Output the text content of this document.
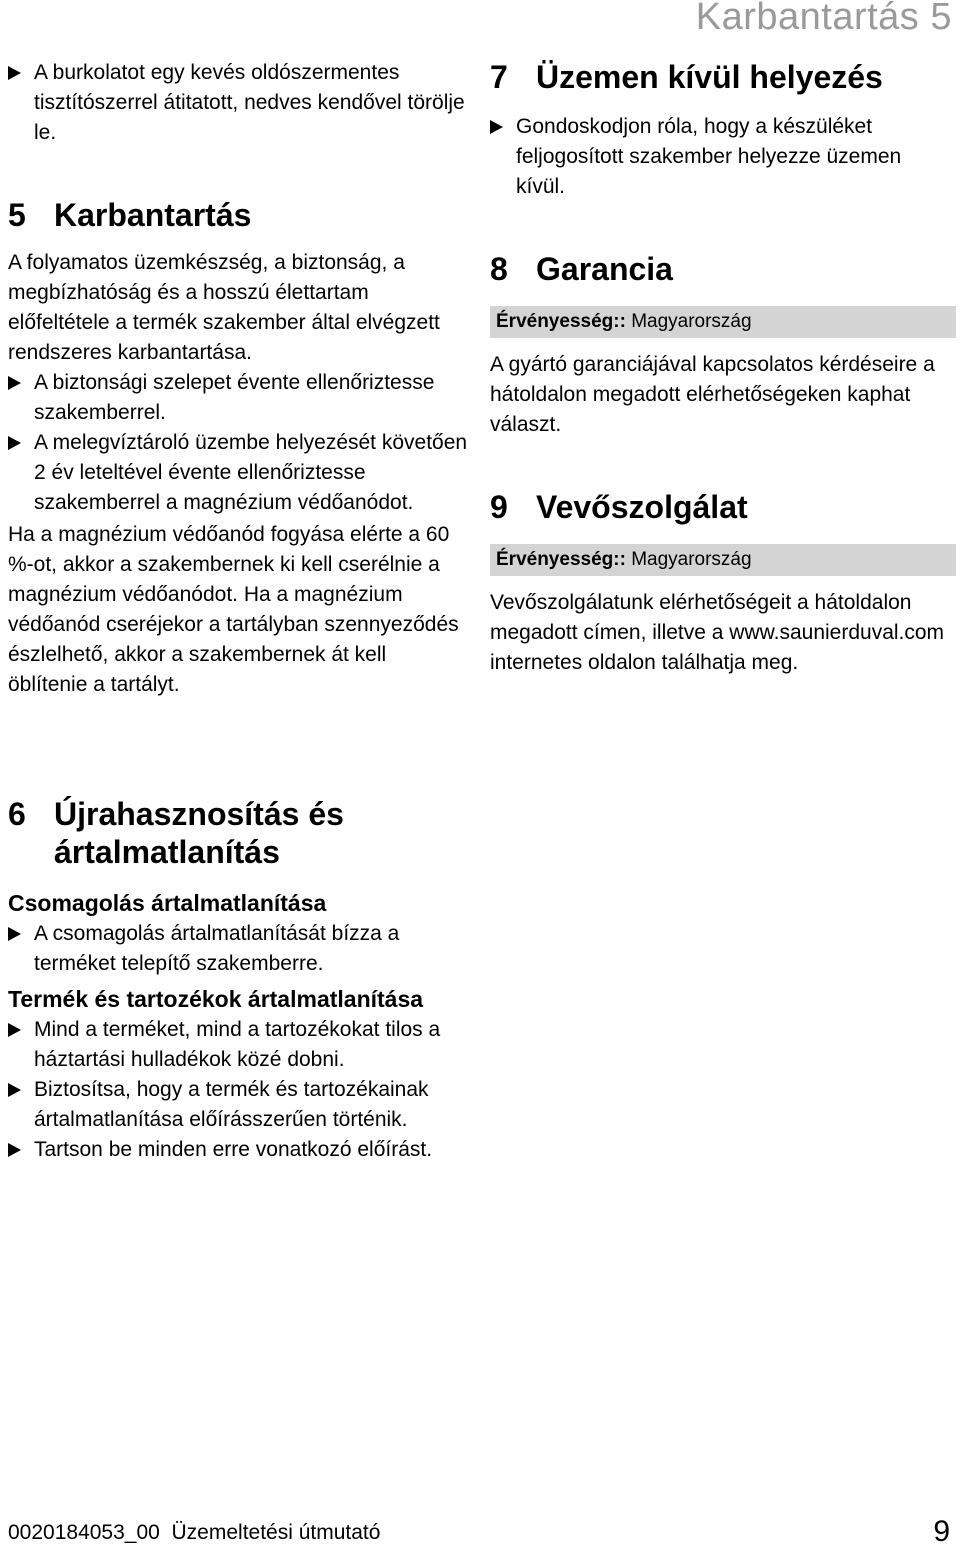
Karbantartás 5

A burkolatot egy kevés oldószermentes tisztítószerrel átitatott, nedves kendővel törölje le.

5 Karbantartás

A folyamatos üzemkészség, a biztonság, a megbízhatóság és a hosszú élettartam előfeltétele a termék szakember által elvégzett rendszeres karbantartása.

A biztonsági szelepet évente ellenőriztesse szakemberrel.

A melegvíztároló üzembe helyezését követően 2 év leteltével évente ellenőriztesse szakemberrel a magnézium védőanódot.

Ha a magnézium védőanód fogyása elérte a 60 %-ot, akkor a szakembernek ki kell cserélnie a magnézium védőanódot. Ha a magnézium védőanód cseréjekor a tartályban szennyeződés észlelhető, akkor a szakembernek át kell öblítenie a tartályt.

6 Újrahasznosítás és ártalmatlanítás
Csomagolás ártalmatlanítása

A csomagolás ártalmatlanítását bízza a terméket telepítő szakemberre.

Termék és tartozékok ártalmatlanítása

Mind a terméket, mind a tartozékokat tilos a háztartási hulladékok közé dobni.

Biztosítsa, hogy a termék és tartozékainak ártalmatlanítása előírásszerűen történik.

Tartson be minden erre vonatkozó előírást.

7 Üzemen kívül helyezés

Gondoskodjon róla, hogy a készüléket feljogosított szakember helyezze üzemen kívül.

8 Garancia

Érvényesség:: Magyarország

A gyártó garanciájával kapcsolatos kérdéseire a hátoldalon megadott elérhetőségeken kaphat választ.

9 Vevőszolgálat

Érvényesség:: Magyarország

Vevőszolgálatunk elérhetőségeit a hátoldalon megadott címen, illetve a www.saunierduval.com internetes oldalon találhatja meg.

0020184053_00 Üzemeltetési útmutató	9
